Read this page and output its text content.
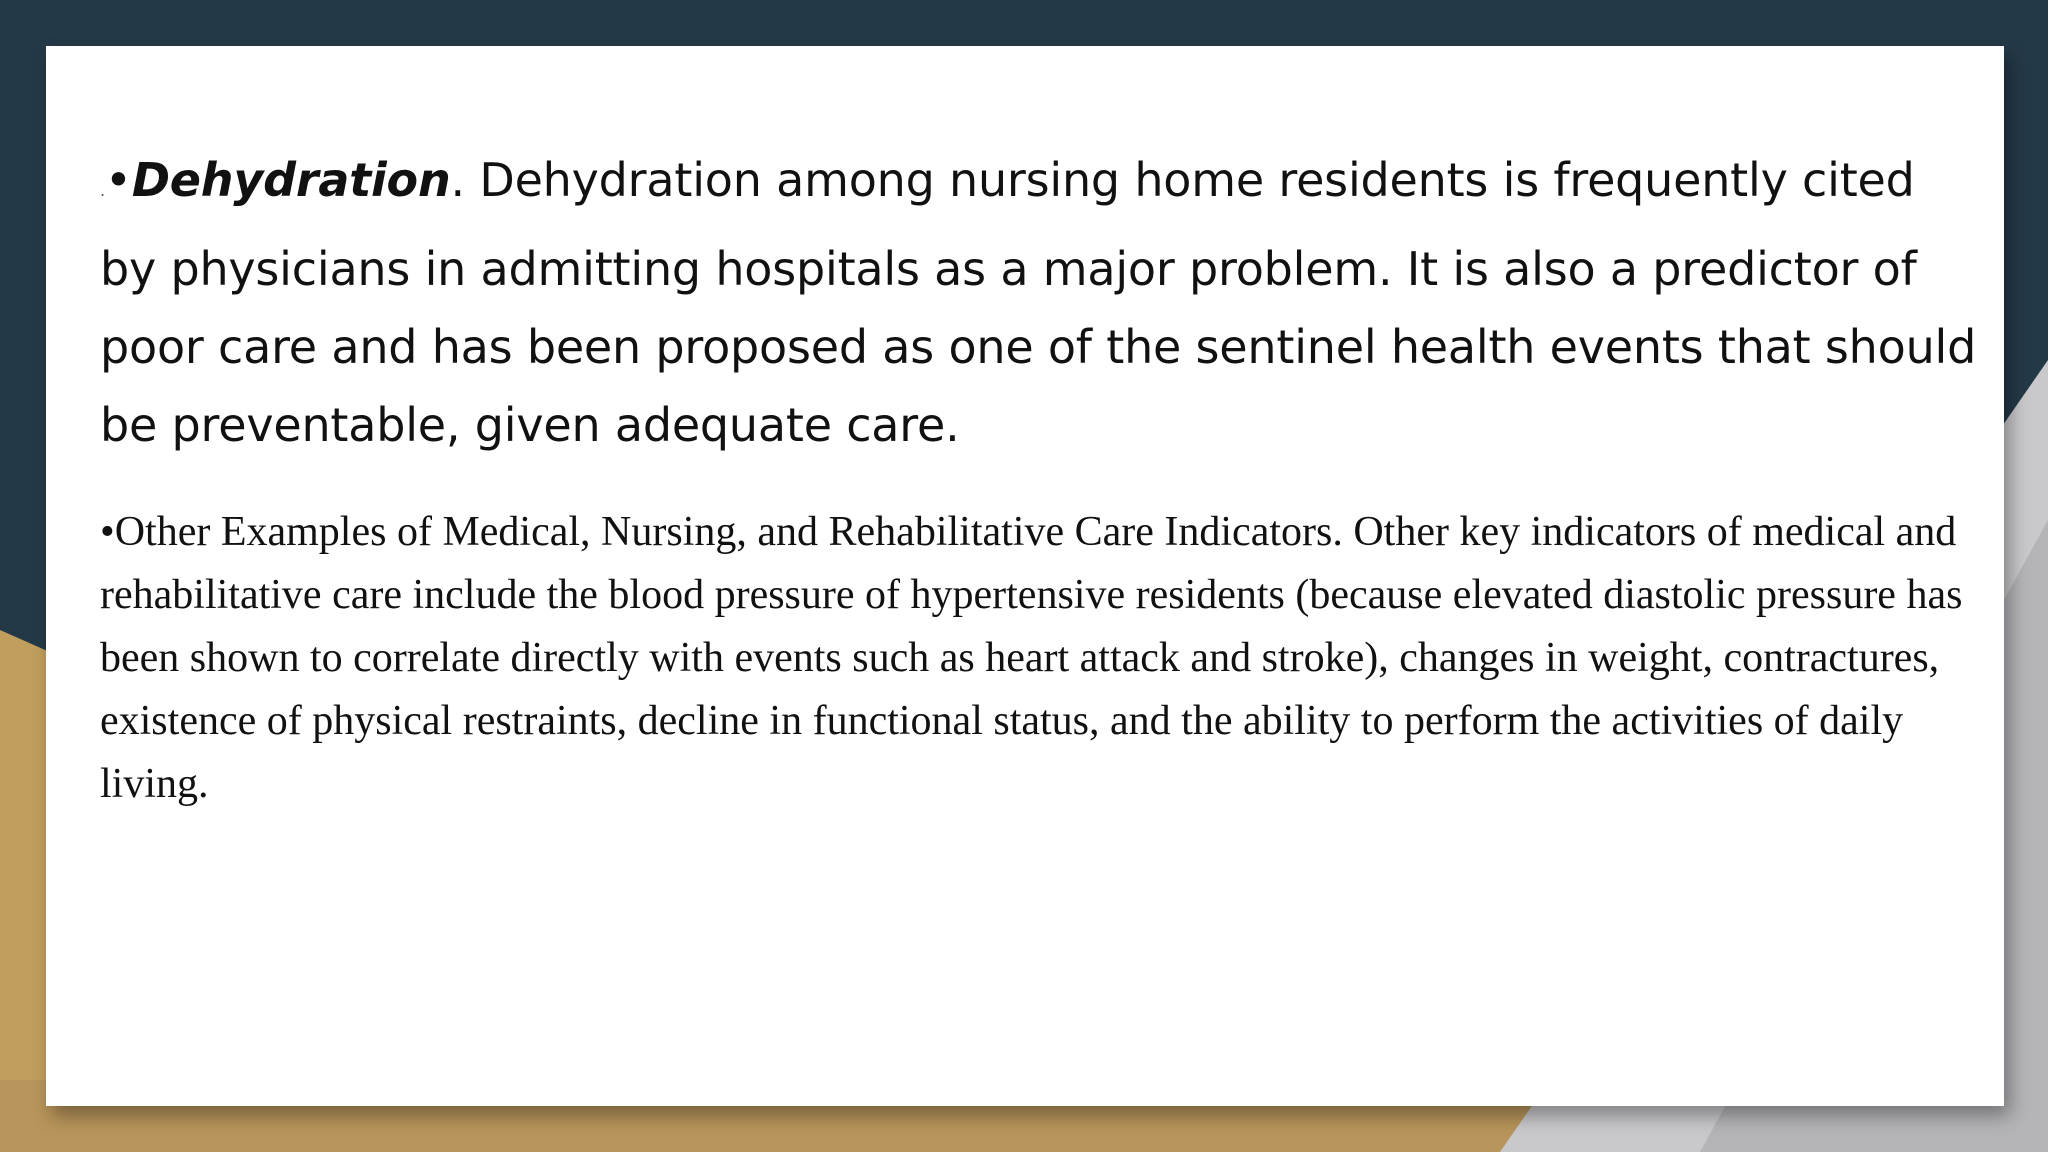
.•Dehydration. Dehydration among nursing home residents is frequently cited by physicians in admitting hospitals as a major problem. It is also a predictor of poor care and has been proposed as one of the sentinel health events that should be preventable, given adequate care.

•Other Examples of Medical, Nursing, and Rehabilitative Care Indicators. Other key indicators of medical and rehabilitative care include the blood pressure of hypertensive residents (because elevated diastolic pressure has been shown to correlate directly with events such as heart attack and stroke), changes in weight, contractures, existence of physical restraints, decline in functional status, and the ability to perform the activities of daily living.
